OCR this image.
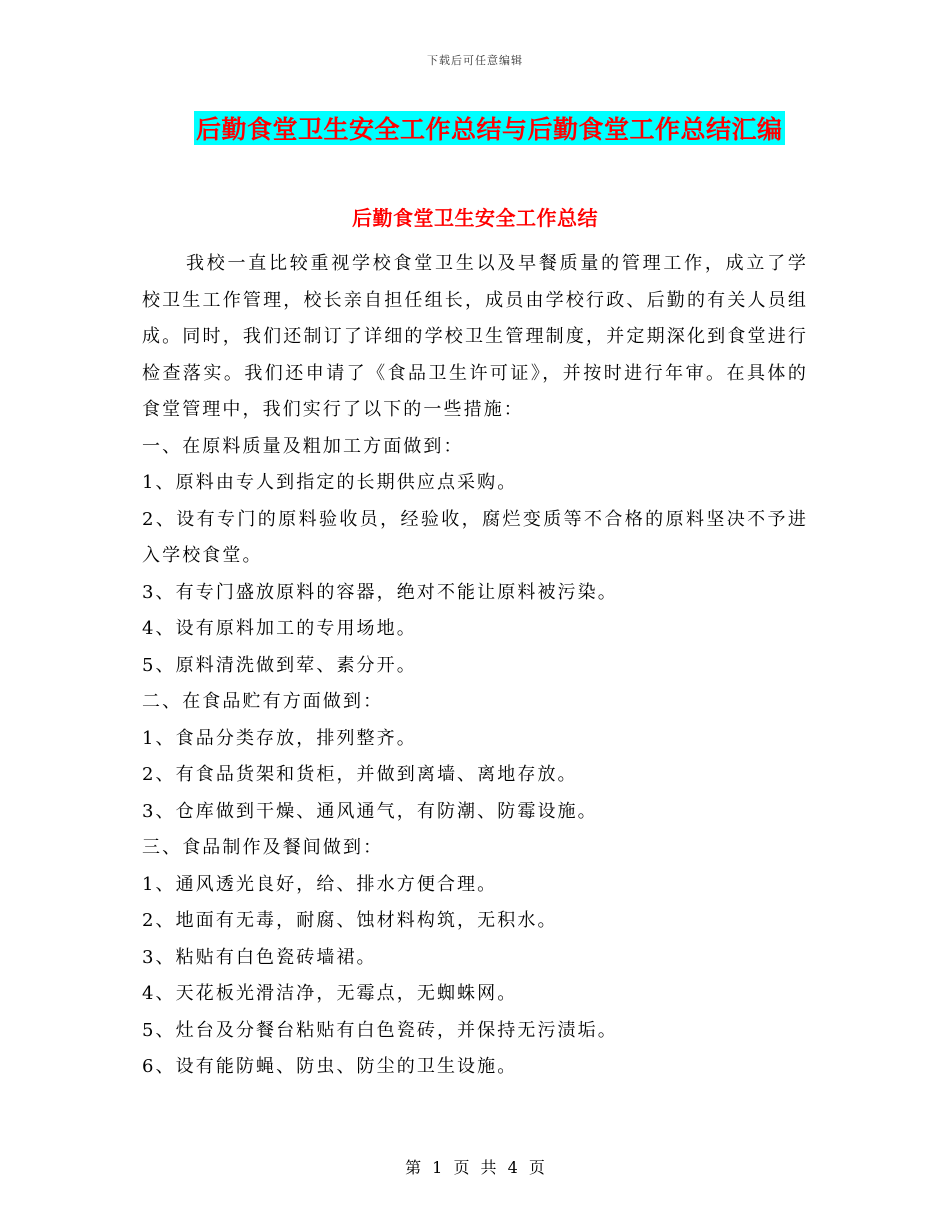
下载后可任意编辑
后勤食堂卫生安全工作总结与后勤食堂工作总结汇编
后勤食堂卫生安全工作总结

我校一直比较重视学校食堂卫生以及早餐质量的管理工作，成立了学校卫生工作管理，校长亲自担任组长，成员由学校行政、后勤的有关人员组成。同时，我们还制订了详细的学校卫生管理制度，并定期深化到食堂进行检查落实。我们还申请了《食品卫生许可证》，并按时进行年审。在具体的食堂管理中，我们实行了以下的一些措施：

一、在原料质量及粗加工方面做到：

1、原料由专人到指定的长期供应点采购。

2、设有专门的原料验收员，经验收，腐烂变质等不合格的原料坚决不予进入学校食堂。

3、有专门盛放原料的容器，绝对不能让原料被污染。

4、设有原料加工的专用场地。

5、原料清洗做到荤、素分开。

二、在食品贮有方面做到：

1、食品分类存放，排列整齐。

2、有食品货架和货柜，并做到离墙、离地存放。

3、仓库做到干燥、通风通气，有防潮、防霉设施。

三、食品制作及餐间做到：

1、通风透光良好，给、排水方便合理。

2、地面有无毒，耐腐、蚀材料构筑，无积水。

3、粘贴有白色瓷砖墙裙。

4、天花板光滑洁净，无霉点，无蜘蛛网。

5、灶台及分餐台粘贴有白色瓷砖，并保持无污渍垢。

6、设有能防蝇、防虫、防尘的卫生设施。

第 1 页 共 4 页
